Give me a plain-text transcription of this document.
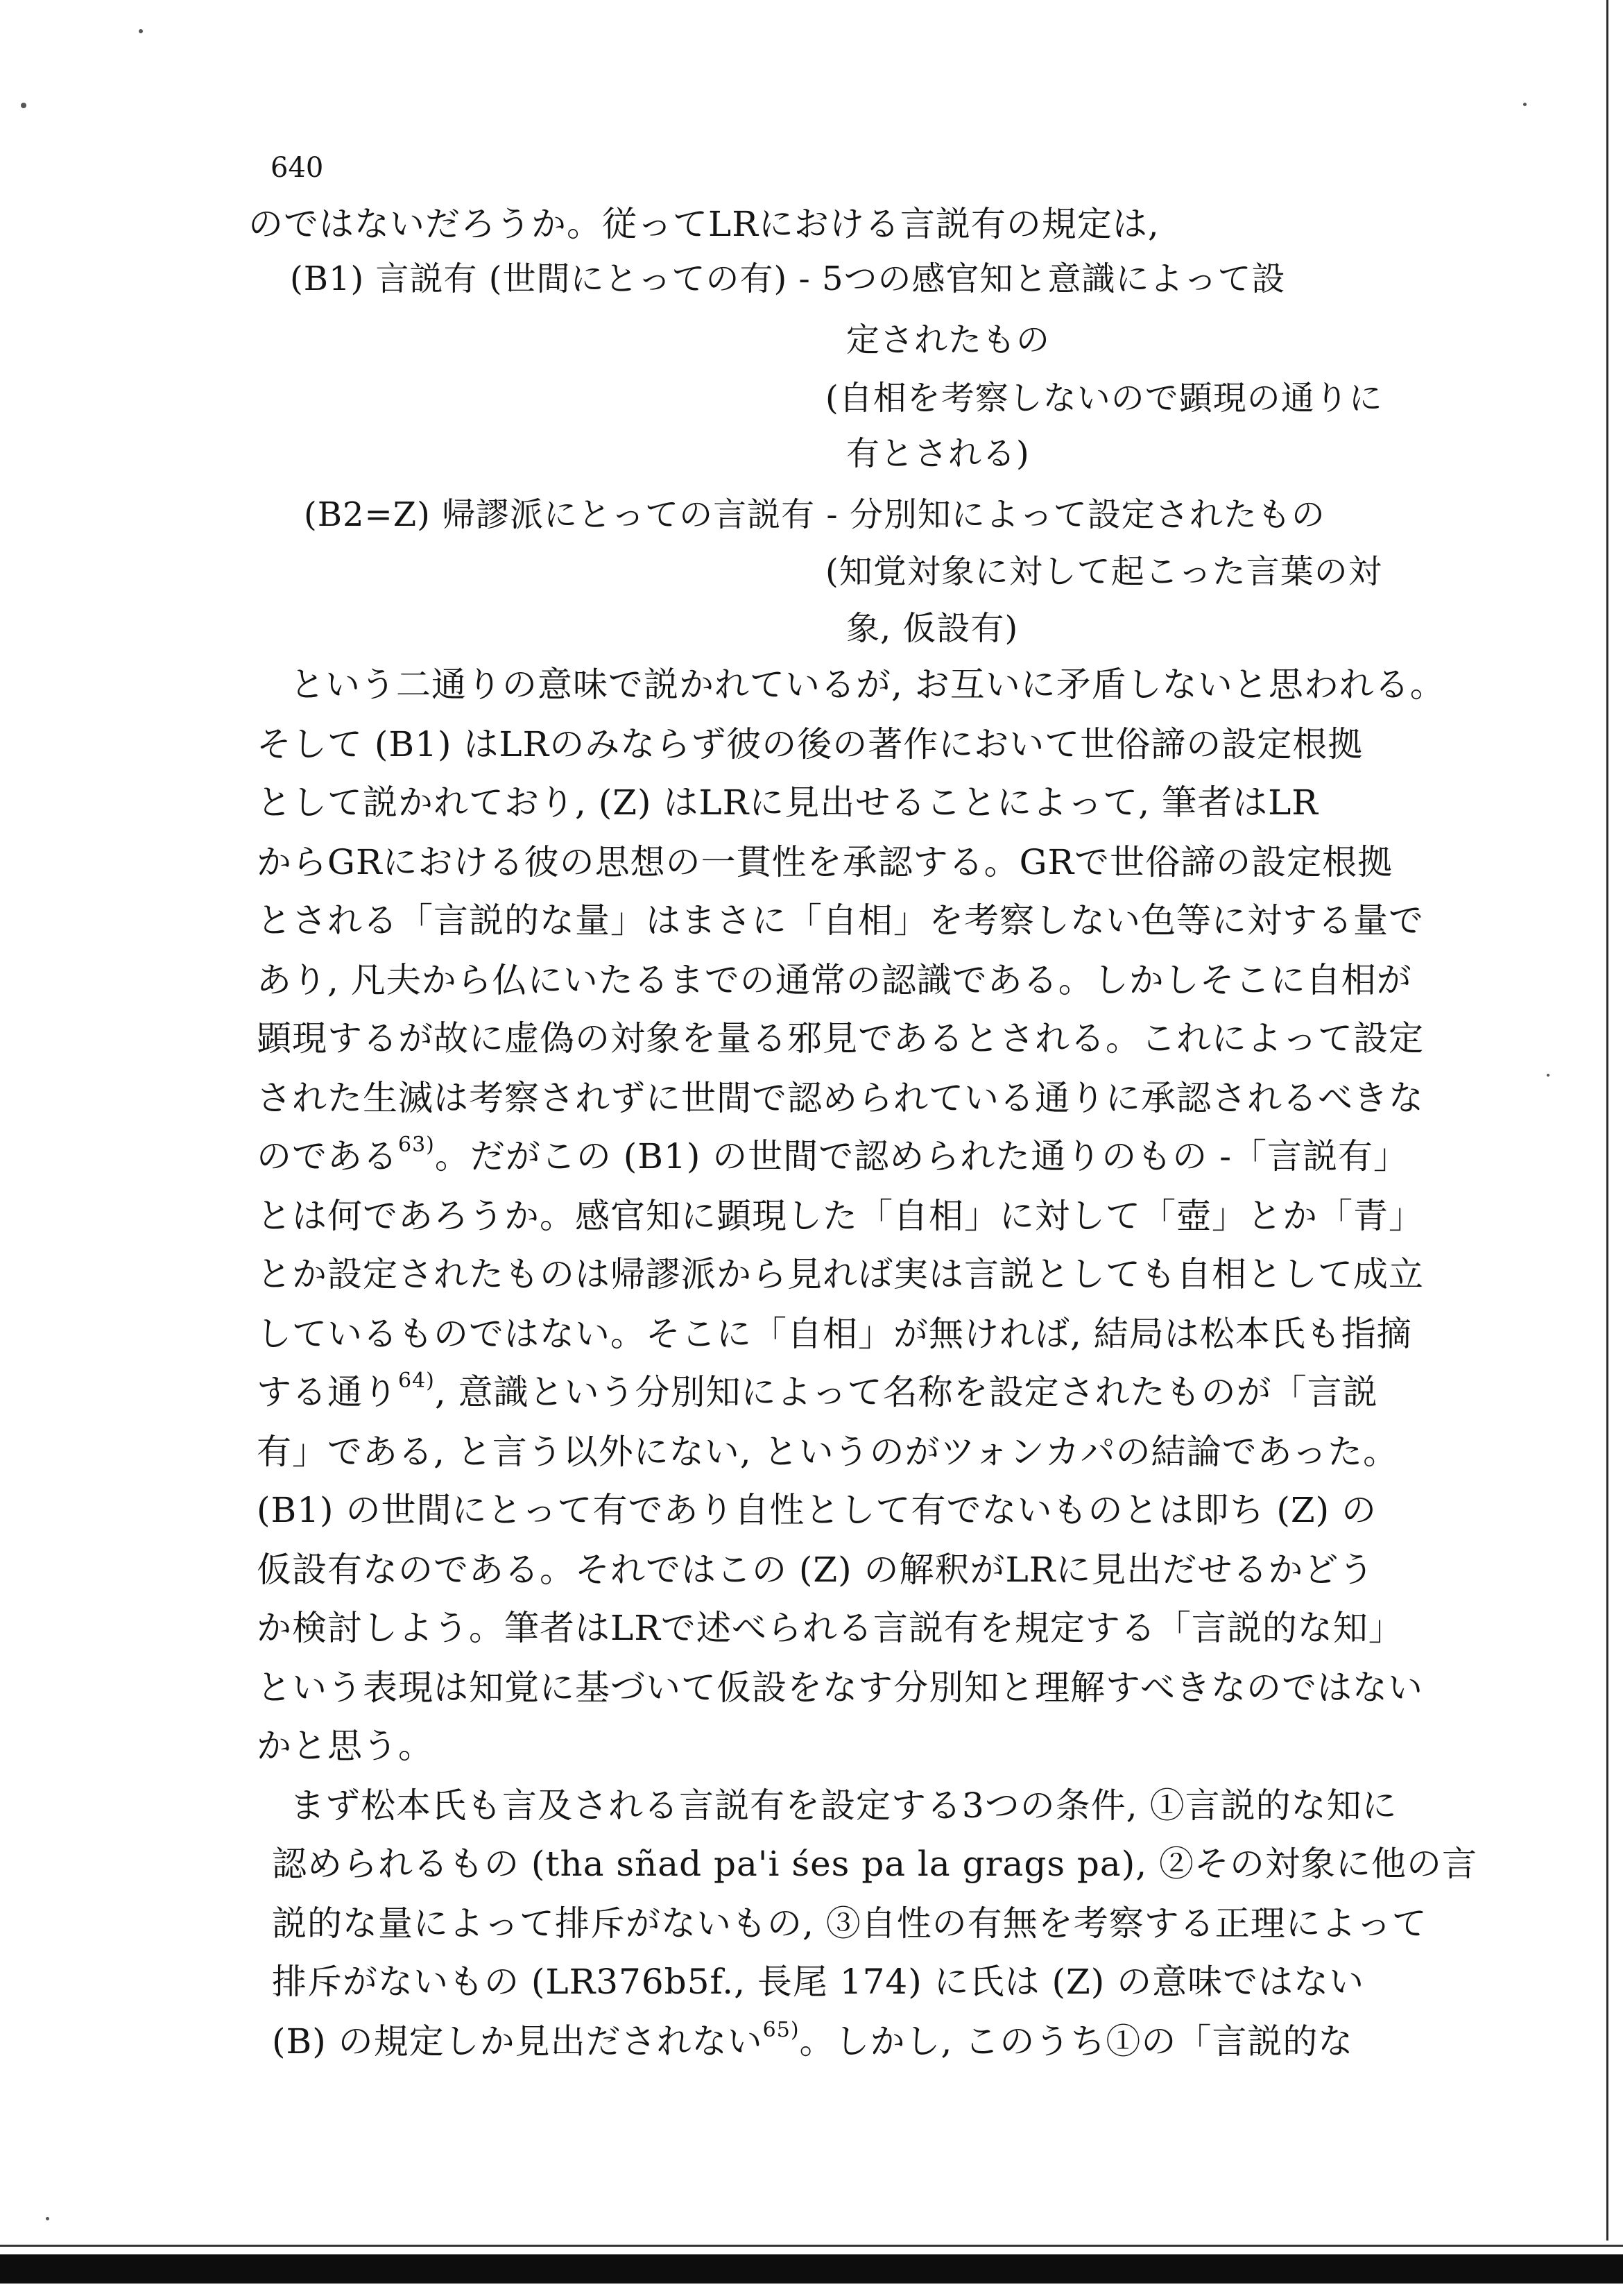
640
のではないだろうか。従ってLRにおける言説有の規定は,
(B1) 言説有 (世間にとっての有) - 5つの感官知と意識によって設
定されたもの
(自相を考察しないので顕現の通りに
有とされる)
(B2=Z) 帰謬派にとっての言説有 - 分別知によって設定されたもの
(知覚対象に対して起こった言葉の対
象, 仮設有)
という二通りの意味で説かれているが, お互いに矛盾しないと思われる。
そして (B1) はLRのみならず彼の後の著作において世俗諦の設定根拠
として説かれており, (Z) はLRに見出せることによって, 筆者はLR
からGRにおける彼の思想の一貫性を承認する。GRで世俗諦の設定根拠
とされる「言説的な量」はまさに「自相」を考察しない色等に対する量で
あり, 凡夫から仏にいたるまでの通常の認識である。しかしそこに自相が
顕現するが故に虚偽の対象を量る邪見であるとされる。これによって設定
された生滅は考察されずに世間で認められている通りに承認されるべきな
のである$^{63)}$。だがこの (B1) の世間で認められた通りのもの -「言説有」
とは何であろうか。感官知に顕現した「自相」に対して「壺」とか「青」
とか設定されたものは帰謬派から見れば実は言説としても自相として成立
しているものではない。そこに「自相」が無ければ, 結局は松本氏も指摘
する通り$^{64)}$, 意識という分別知によって名称を設定されたものが「言説
有」である, と言う以外にない, というのがツォンカパの結論であった。
(B1) の世間にとって有であり自性として有でないものとは即ち (Z) の
仮設有なのである。それではこの (Z) の解釈がLRに見出だせるかどう
か検討しよう。筆者はLRで述べられる言説有を規定する「言説的な知」
という表現は知覚に基づいて仮設をなす分別知と理解すべきなのではない
かと思う。
まず松本氏も言及される言説有を設定する3つの条件, ①言説的な知に
認められるもの (tha sñad pa'i śes pa la grags pa), ②その対象に他の言
説的な量によって排斥がないもの, ③自性の有無を考察する正理によって
排斥がないもの (LR376b5f., 長尾 174) に氏は (Z) の意味ではない
(B) の規定しか見出だされない$^{65)}$。しかし, このうち①の「言説的な
